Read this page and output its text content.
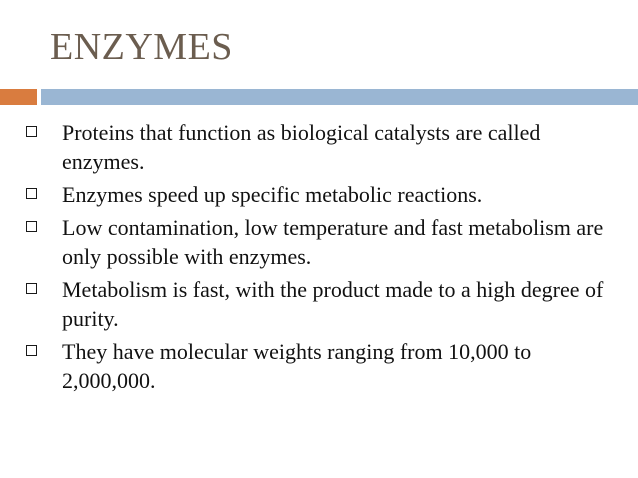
ENZYMES
Proteins that function as biological catalysts are called enzymes.
Enzymes speed up specific metabolic reactions.
Low contamination, low temperature and fast metabolism are only possible with enzymes.
Metabolism is fast, with the product made to a high degree of purity.
They have molecular weights ranging from 10,000 to 2,000,000.
